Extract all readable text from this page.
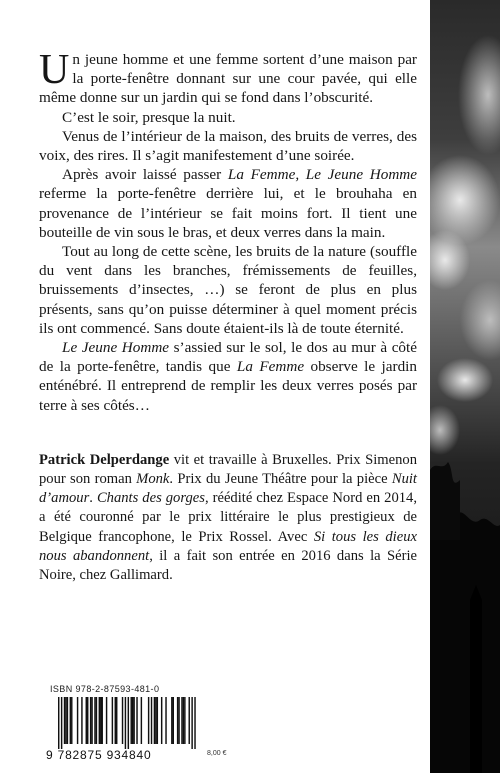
Un jeune homme et une femme sortent d’une maison par la porte-fenêtre donnant sur une cour pavée, qui elle même donne sur un jardin qui se fond dans l’obscurité.

C’est le soir, presque la nuit.

Venus de l’intérieur de la maison, des bruits de verres, des voix, des rires. Il s’agit manifestement d’une soirée.

Après avoir laissé passer La Femme, Le Jeune Homme referme la porte-fenêtre derrière lui, et le brouhaha en provenance de l’intérieur se fait moins fort. Il tient une bouteille de vin sous le bras, et deux verres dans la main.

Tout au long de cette scène, les bruits de la nature (souffle du vent dans les branches, frémissements de feuilles, bruissements d’insectes, …) se feront de plus en plus présents, sans qu’on puisse déterminer à quel moment précis ils ont commencé. Sans doute étaient-ils là de toute éternité.

Le Jeune Homme s’assied sur le sol, le dos au mur à côté de la porte-fenêtre, tandis que La Femme observe le jardin enténébré. Il entreprend de remplir les deux verres posés par terre à ses côtés…

Patrick Delperdange vit et travaille à Bruxelles. Prix Simenon pour son roman Monk. Prix du Jeune Théâtre pour la pièce Nuit d’amour. Chants des gorges, réédité chez Espace Nord en 2014, a été couronné par le prix littéraire le plus prestigieux de Belgique francophone, le Prix Rossel. Avec Si tous les dieux nous abandonnent, il a fait son entrée en 2016 dans la Série Noire, chez Gallimard.

ISBN 978-2-87593-481-0
9 782875 934840	8,00 €
